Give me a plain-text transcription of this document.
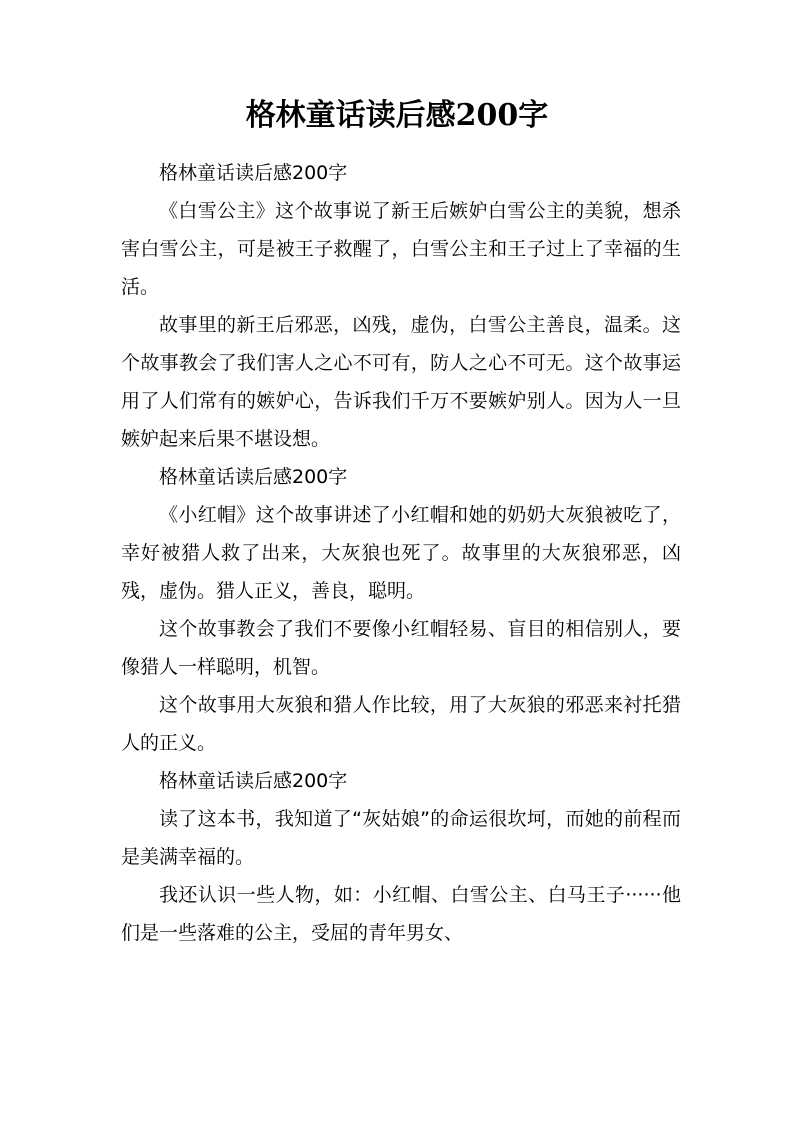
格林童话读后感200字

格林童话读后感200字

《白雪公主》这个故事说了新王后嫉妒白雪公主的美貌，想杀害白雪公主，可是被王子救醒了，白雪公主和王子过上了幸福的生活。

故事里的新王后邪恶，凶残，虚伪，白雪公主善良，温柔。这个故事教会了我们害人之心不可有，防人之心不可无。这个故事运用了人们常有的嫉妒心，告诉我们千万不要嫉妒别人。因为人一旦嫉妒起来后果不堪设想。

格林童话读后感200字

《小红帽》这个故事讲述了小红帽和她的奶奶大灰狼被吃了，幸好被猎人救了出来，大灰狼也死了。故事里的大灰狼邪恶，凶残，虚伪。猎人正义，善良，聪明。

这个故事教会了我们不要像小红帽轻易、盲目的相信别人，要像猎人一样聪明，机智。

这个故事用大灰狼和猎人作比较，用了大灰狼的邪恶来衬托猎人的正义。

格林童话读后感200字

读了这本书，我知道了“灰姑娘”的命运很坎坷，而她的前程而是美满幸福的。

我还认识一些人物，如：小红帽、白雪公主、白马王子······他们是一些落难的公主，受屈的青年男女、
